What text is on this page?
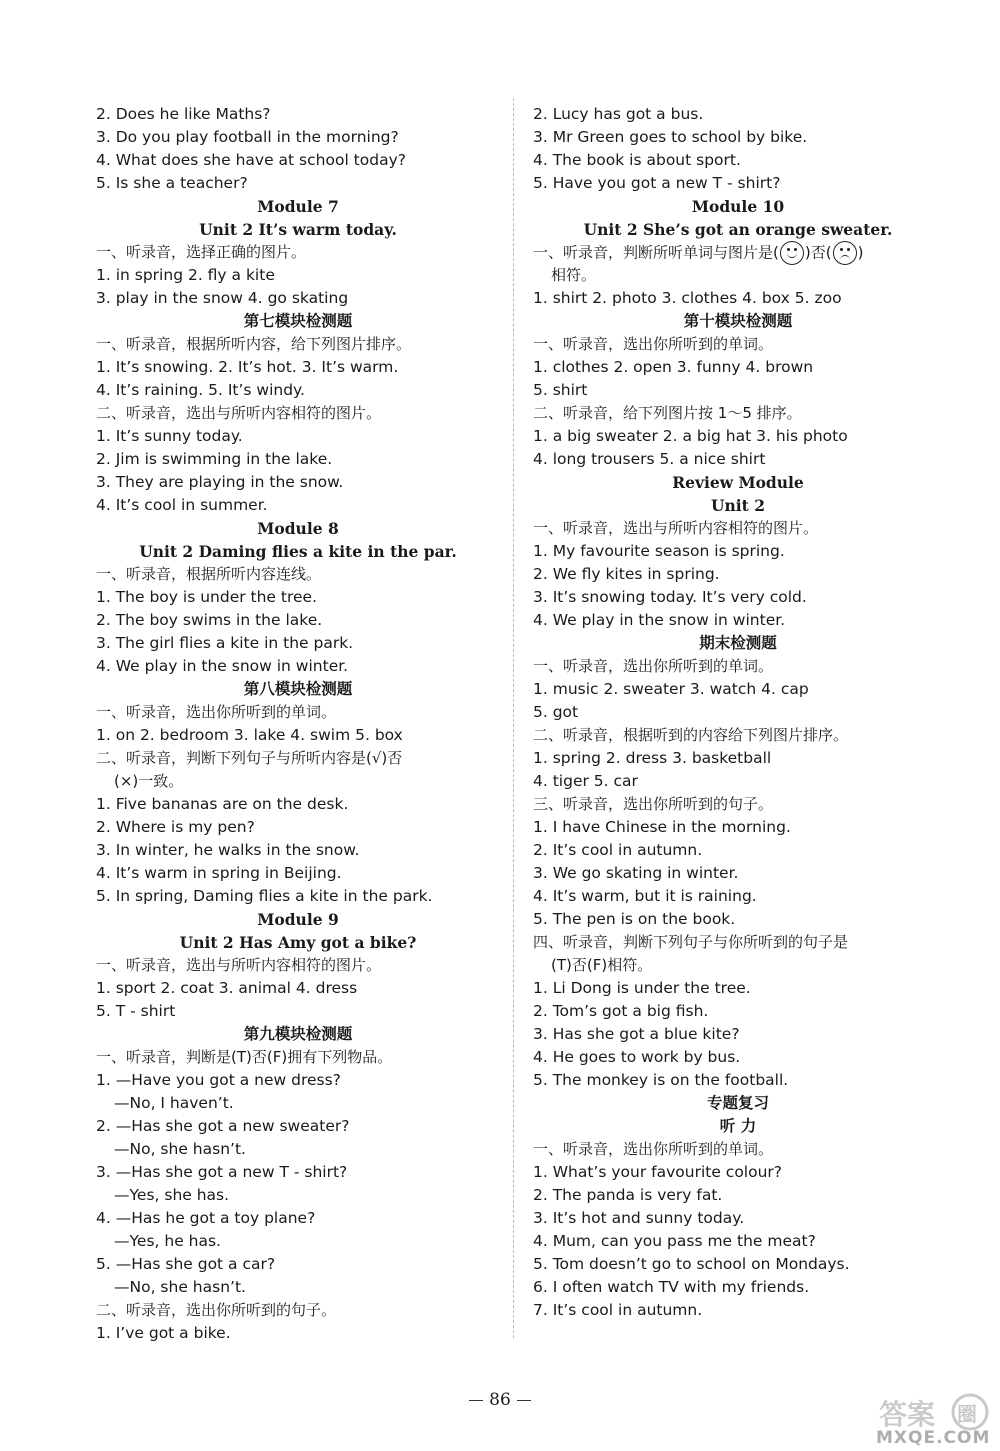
2. Does he like Maths?
3. Do you play football in the morning?
4. What does she have at school today?
5. Is she a teacher?
Module 7
Unit 2 It’s warm today.
一、听录音，选择正确的图片。
1. in spring 2. fly a kite
3. play in the snow 4. go skating
第七模块检测题
一、听录音，根据所听内容，给下列图片排序。
1. It’s snowing. 2. It’s hot. 3. It’s warm.
4. It’s raining. 5. It’s windy.
二、听录音，选出与所听内容相符的图片。
1. It’s sunny today.
2. Jim is swimming in the lake.
3. They are playing in the snow.
4. It’s cool in summer.
Module 8
Unit 2 Daming flies a kite in the par.
一、听录音，根据所听内容连线。
1. The boy is under the tree.
2. The boy swims in the lake.
3. The girl flies a kite in the park.
4. We play in the snow in winter.
第八模块检测题
一、听录音，选出你所听到的单词。
1. on 2. bedroom 3. lake 4. swim 5. box
二、听录音，判断下列句子与所听内容是(√)否
(×)一致。
1. Five bananas are on the desk.
2. Where is my pen?
3. In winter, he walks in the snow.
4. It’s warm in spring in Beijing.
5. In spring, Daming flies a kite in the park.
Module 9
Unit 2 Has Amy got a bike?
一、听录音，选出与所听内容相符的图片。
1. sport 2. coat 3. animal 4. dress
5. T - shirt
第九模块检测题
一、听录音，判断是(T)否(F)拥有下列物品。
1. —Have you got a new dress?
—No, I haven’t.
2. —Has she got a new sweater?
—No, she hasn’t.
3. —Has she got a new T - shirt?
—Yes, she has.
4. —Has he got a toy plane?
—Yes, he has.
5. —Has she got a car?
—No, she hasn’t.
二、听录音，选出你所听到的句子。
1. I’ve got a bike.
2. Lucy has got a bus.
3. Mr Green goes to school by bike.
4. The book is about sport.
5. Have you got a new T - shirt?
Module 10
Unit 2 She’s got an orange sweater.
一、听录音，判断所听单词与图片是( )否( )
相符。
1. shirt 2. photo 3. clothes 4. box 5. zoo
第十模块检测题
一、听录音，选出你所听到的单词。
1. clothes 2. open 3. funny 4. brown
5. shirt
二、听录音，给下列图片按 1～5 排序。
1. a big sweater 2. a big hat 3. his photo
4. long trousers 5. a nice shirt
Review Module
Unit 2
一、听录音，选出与所听内容相符的图片。
1. My favourite season is spring.
2. We fly kites in spring.
3. It’s snowing today. It’s very cold.
4. We play in the snow in winter.
期末检测题
一、听录音，选出你所听到的单词。
1. music 2. sweater 3. watch 4. cap
5. got
二、听录音，根据听到的内容给下列图片排序。
1. spring 2. dress 3. basketball
4. tiger 5. car
三、听录音，选出你所听到的句子。
1. I have Chinese in the morning.
2. It’s cool in autumn.
3. We go skating in winter.
4. It’s warm, but it is raining.
5. The pen is on the book.
四、听录音，判断下列句子与你所听到的句子是
(T)否(F)相符。
1. Li Dong is under the tree.
2. Tom’s got a big fish.
3. Has she got a blue kite?
4. He goes to work by bus.
5. The monkey is on the football.
专题复习
听 力
一、听录音，选出你所听到的单词。
1. What’s your favourite colour?
2. The panda is very fat.
3. It’s hot and sunny today.
4. Mum, can you pass me the meat?
5. Tom doesn’t go to school on Mondays.
6. I often watch TV with my friends.
7. It’s cool in autumn.
86	答案 圈
MXQE.COM
